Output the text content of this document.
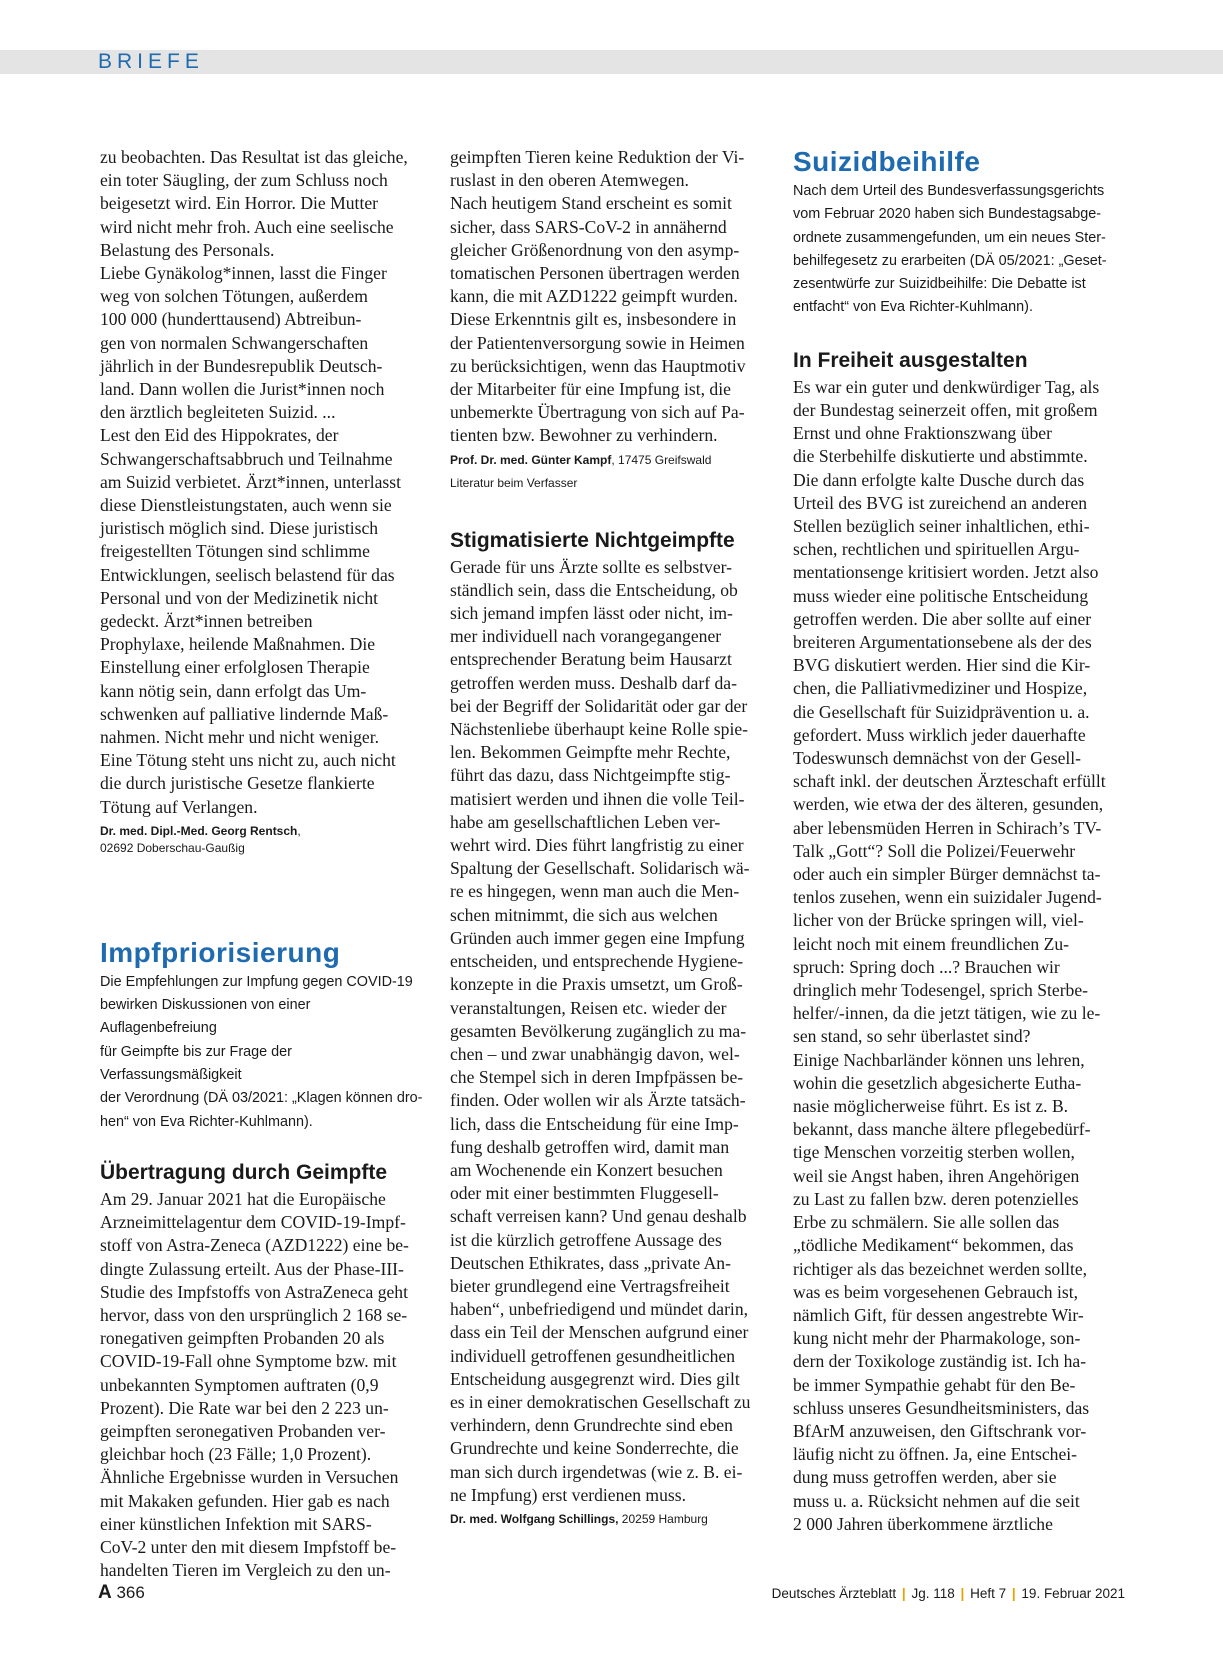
BRIEFE

zu beobachten. Das Resultat ist das gleiche,
ein toter Säugling, der zum Schluss noch
beigesetzt wird. Ein Horror. Die Mutter
wird nicht mehr froh. Auch eine seelische
Belastung des Personals.
Liebe Gynäkolog*innen, lasst die Finger
weg von solchen Tötungen, außerdem
100 000 (hunderttausend) Abtreibun-
gen von normalen Schwangerschaften
jährlich in der Bundesrepublik Deutsch-
land. Dann wollen die Jurist*innen noch
den ärztlich begleiteten Suizid. ...
Lest den Eid des Hippokrates, der
Schwangerschaftsabbruch und Teilnahme
am Suizid verbietet. Ärzt*innen, unterlasst
diese Dienstleistungstaten, auch wenn sie
juristisch möglich sind. Diese juristisch
freigestellten Tötungen sind schlimme
Entwicklungen, seelisch belastend für das
Personal und von der Medizinetik nicht
gedeckt. Ärzt*innen betreiben
Prophylaxe, heilende Maßnahmen. Die
Einstellung einer erfolglosen Therapie
kann nötig sein, dann erfolgt das Um-
schwenken auf palliative lindernde Maß-
nahmen. Nicht mehr und nicht weniger.
Eine Tötung steht uns nicht zu, auch nicht
die durch juristische Gesetze flankierte
Tötung auf Verlangen.

Dr. med. Dipl.-Med. Georg Rentsch,
02692 Doberschau-Gaußig
Impfpriorisierung

Die Empfehlungen zur Impfung gegen COVID-19
bewirken Diskussionen von einer Auflagenbefreiung
für Geimpfte bis zur Frage der Verfassungsmäßigkeit
der Verordnung (DÄ 03/2021: „Klagen können dro-
hen“ von Eva Richter-Kuhlmann).

Übertragung durch Geimpfte

Am 29. Januar 2021 hat die Europäische
Arzneimittelagentur dem COVID-19-Impf-
stoff von Astra-Zeneca (AZD1222) eine be-
dingte Zulassung erteilt. Aus der Phase-III-
Studie des Impfstoffs von AstraZeneca geht
hervor, dass von den ursprünglich 2 168 se-
ronegativen geimpften Probanden 20 als
COVID-19-Fall ohne Symptome bzw. mit
unbekannten Symptomen auftraten (0,9
Prozent). Die Rate war bei den 2 223 un-
geimpften seronegativen Probanden ver-
gleichbar hoch (23 Fälle; 1,0 Prozent).
Ähnliche Ergebnisse wurden in Versuchen
mit Makaken gefunden. Hier gab es nach
einer künstlichen Infektion mit SARS-
CoV-2 unter den mit diesem Impfstoff be-
handelten Tieren im Vergleich zu den un-

geimpften Tieren keine Reduktion der Vi-
ruslast in den oberen Atemwegen.
Nach heutigem Stand erscheint es somit
sicher, dass SARS-CoV-2 in annähernd
gleicher Größenordnung von den asymp-
tomatischen Personen übertragen werden
kann, die mit AZD1222 geimpft wurden.
Diese Erkenntnis gilt es, insbesondere in
der Patientenversorgung sowie in Heimen
zu berücksichtigen, wenn das Hauptmotiv
der Mitarbeiter für eine Impfung ist, die
unbemerkte Übertragung von sich auf Pa-
tienten bzw. Bewohner zu verhindern.

Prof. Dr. med. Günter Kampf, 17475 Greifswald
Literatur beim Verfasser
Stigmatisierte Nichtgeimpfte

Gerade für uns Ärzte sollte es selbstver-
ständlich sein, dass die Entscheidung, ob
sich jemand impfen lässt oder nicht, im-
mer individuell nach vorangegangener
entsprechender Beratung beim Hausarzt
getroffen werden muss. Deshalb darf da-
bei der Begriff der Solidarität oder gar der
Nächstenliebe überhaupt keine Rolle spie-
len. Bekommen Geimpfte mehr Rechte,
führt das dazu, dass Nichtgeimpfte stig-
matisiert werden und ihnen die volle Teil-
habe am gesellschaftlichen Leben ver-
wehrt wird. Dies führt langfristig zu einer
Spaltung der Gesellschaft. Solidarisch wä-
re es hingegen, wenn man auch die Men-
schen mitnimmt, die sich aus welchen
Gründen auch immer gegen eine Impfung
entscheiden, und entsprechende Hygiene-
konzepte in die Praxis umsetzt, um Groß-
veranstaltungen, Reisen etc. wieder der
gesamten Bevölkerung zugänglich zu ma-
chen – und zwar unabhängig davon, wel-
che Stempel sich in deren Impfpässen be-
finden. Oder wollen wir als Ärzte tatsäch-
lich, dass die Entscheidung für eine Imp-
fung deshalb getroffen wird, damit man
am Wochenende ein Konzert besuchen
oder mit einer bestimmten Fluggesell-
schaft verreisen kann? Und genau deshalb
ist die kürzlich getroffene Aussage des
Deutschen Ethikrates, dass „private An-
bieter grundlegend eine Vertragsfreiheit
haben“, unbefriedigend und mündet darin,
dass ein Teil der Menschen aufgrund einer
individuell getroffenen gesundheitlichen
Entscheidung ausgegrenzt wird. Dies gilt
es in einer demokratischen Gesellschaft zu
verhindern, denn Grundrechte sind eben
Grundrechte und keine Sonderrechte, die
man sich durch irgendetwas (wie z. B. ei-
ne Impfung) erst verdienen muss.

Dr. med. Wolfgang Schillings, 20259 Hamburg
Suizidbeihilfe

Nach dem Urteil des Bundesverfassungsgerichts
vom Februar 2020 haben sich Bundestagsabge-
ordnete zusammengefunden, um ein neues Ster-
behilfegesetz zu erarbeiten (DÄ 05/2021: „Geset-
zesentwürfe zur Suizidbeihilfe: Die Debatte ist
entfacht“ von Eva Richter-Kuhlmann).

In Freiheit ausgestalten

Es war ein guter und denkwürdiger Tag, als
der Bundestag seinerzeit offen, mit großem
Ernst und ohne Fraktionszwang über
die Sterbehilfe diskutierte und abstimmte.
Die dann erfolgte kalte Dusche durch das
Urteil des BVG ist zureichend an anderen
Stellen bezüglich seiner inhaltlichen, ethi-
schen, rechtlichen und spirituellen Argu-
mentationsenge kritisiert worden. Jetzt also
muss wieder eine politische Entscheidung
getroffen werden. Die aber sollte auf einer
breiteren Argumentationsebene als der des
BVG diskutiert werden. Hier sind die Kir-
chen, die Palliativmediziner und Hospize,
die Gesellschaft für Suizidprävention u. a.
gefordert. Muss wirklich jeder dauerhafte
Todeswunsch demnächst von der Gesell-
schaft inkl. der deutschen Ärzteschaft erfüllt
werden, wie etwa der des älteren, gesunden,
aber lebensmüden Herren in Schirach’s TV-
Talk „Gott“? Soll die Polizei/Feuerwehr
oder auch ein simpler Bürger demnächst ta-
tenlos zusehen, wenn ein suizidaler Jugend-
licher von der Brücke springen will, viel-
leicht noch mit einem freundlichen Zu-
spruch: Spring doch ...? Brauchen wir
dringlich mehr Todesengel, sprich Sterbe-
helfer/-innen, da die jetzt tätigen, wie zu le-
sen stand, so sehr überlastet sind?
Einige Nachbarländer können uns lehren,
wohin die gesetzlich abgesicherte Eutha-
nasie möglicherweise führt. Es ist z. B.
bekannt, dass manche ältere pflegebedürf-
tige Menschen vorzeitig sterben wollen,
weil sie Angst haben, ihren Angehörigen
zu Last zu fallen bzw. deren potenzielles
Erbe zu schmälern. Sie alle sollen das
„tödliche Medikament“ bekommen, das
richtiger als das bezeichnet werden sollte,
was es beim vorgesehenen Gebrauch ist,
nämlich Gift, für dessen angestrebte Wir-
kung nicht mehr der Pharmakologe, son-
dern der Toxikologe zuständig ist. Ich ha-
be immer Sympathie gehabt für den Be-
schluss unseres Gesundheitsministers, das
BfArM anzuweisen, den Giftschrank vor-
läufig nicht zu öffnen. Ja, eine Entschei-
dung muss getroffen werden, aber sie
muss u. a. Rücksicht nehmen auf die seit
2 000 Jahren überkommene ärztliche

A 366	Deutsches Ärzteblatt | Jg. 118 | Heft 7 | 19. Februar 2021
